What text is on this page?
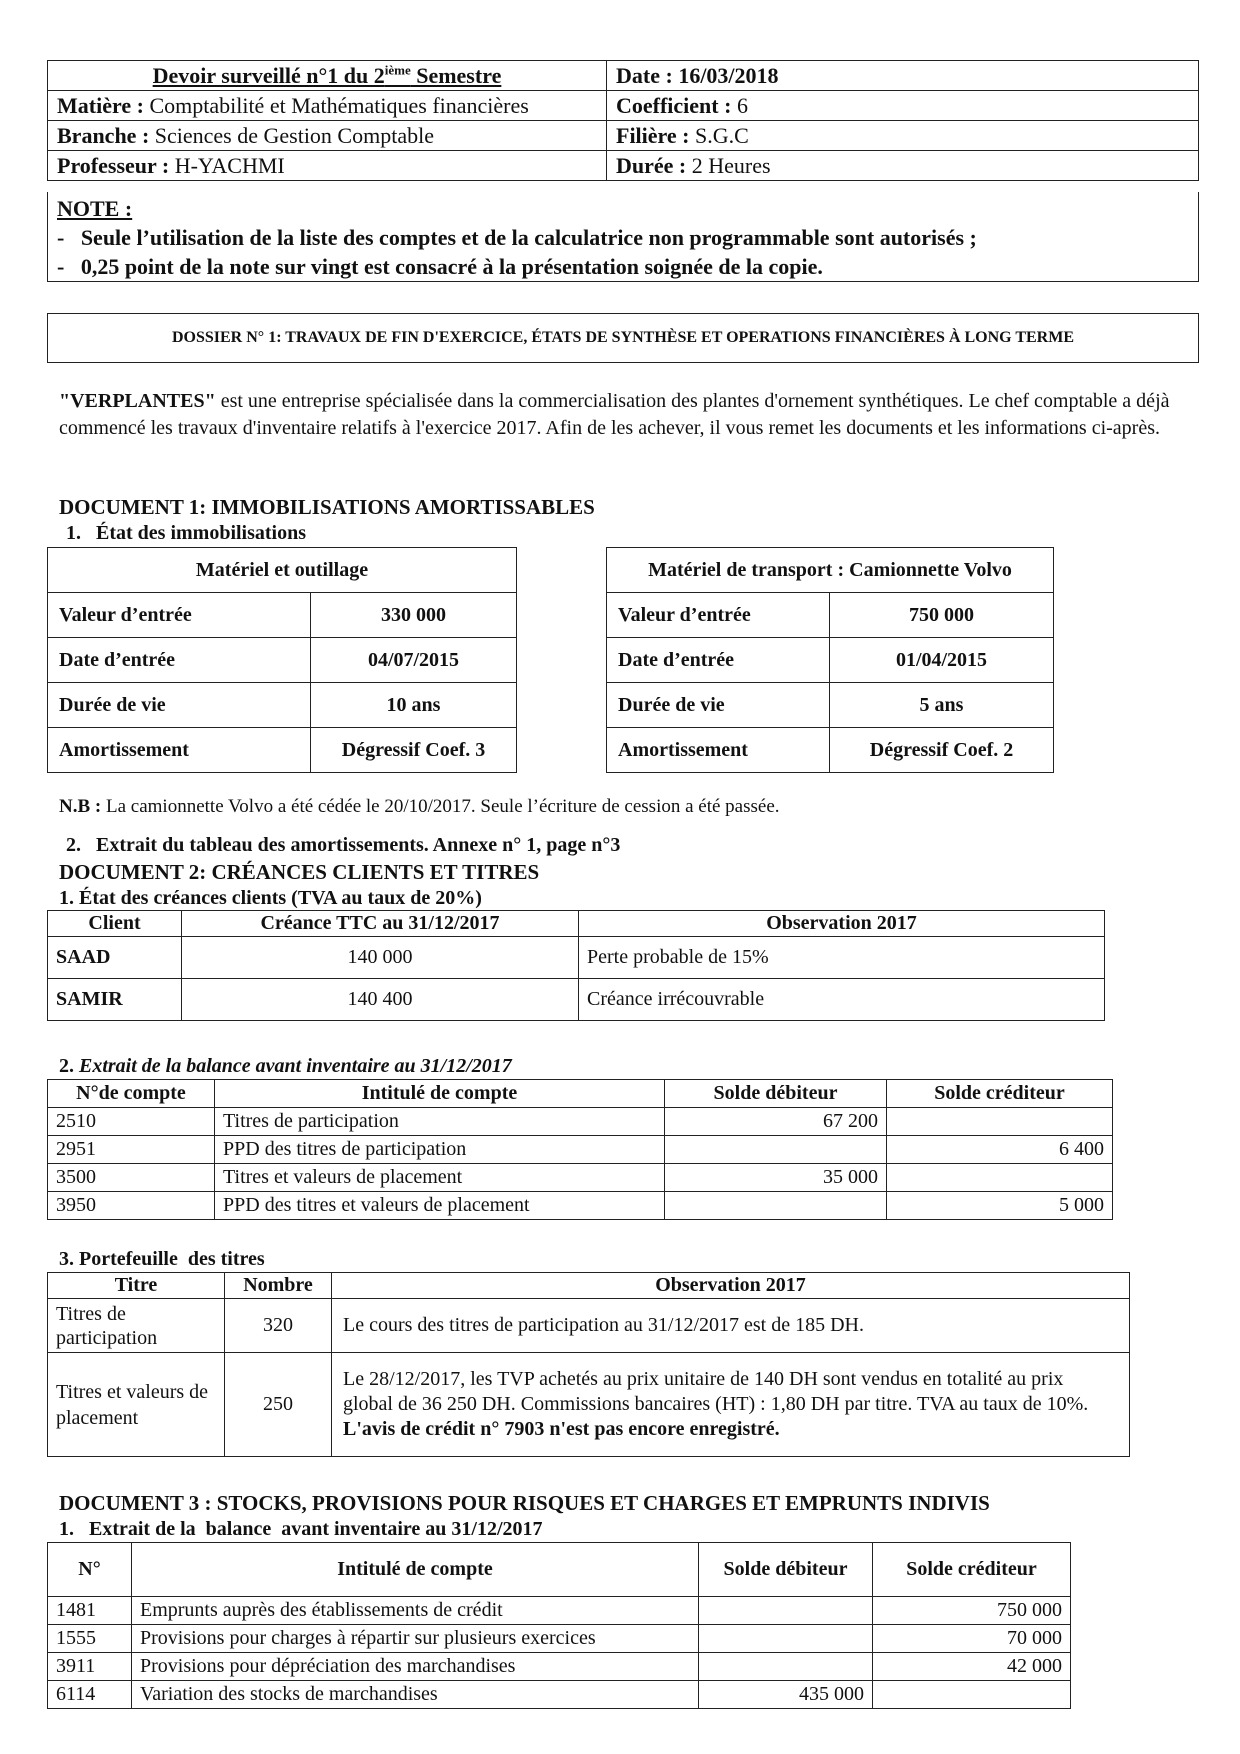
Devoir surveillé n°1 du 2ième Semestre	Date : 16/03/2018
Matière : Comptabilité et Mathématiques financières	Coefficient : 6
Branche : Sciences de Gestion Comptable	Filière : S.G.C
Professeur : H-YACHMI	Durée : 2 Heures
NOTE :
-   Seule l’utilisation de la liste des comptes et de la calculatrice non programmable sont autorisés ;
-   0,25 point de la note sur vingt est consacré à la présentation soignée de la copie.
DOSSIER N° 1: TRAVAUX DE FIN D'EXERCICE, ÉTATS DE SYNTHÈSE ET OPERATIONS FINANCIÈRES À LONG TERME
"VERPLANTES" est une entreprise spécialisée dans la commercialisation des plantes d'ornement synthétiques. Le chef comptable a déjà commencé les travaux d'inventaire relatifs à l'exercice 2017. Afin de les achever, il vous remet les documents et les informations ci-après.
DOCUMENT 1: IMMOBILISATIONS AMORTISSABLES
1.   État des immobilisations
Matériel et outillage	
Valeur d’entrée	330 000
Date d’entrée	04/07/2015
Durée de vie	10 ans
Amortissement	Dégressif Coef. 3
Matériel de transport : Camionnette Volvo	
Valeur d’entrée	750 000
Date d’entrée	01/04/2015
Durée de vie	5 ans
Amortissement	Dégressif Coef. 2
N.B : La camionnette Volvo a été cédée le 20/10/2017. Seule l’écriture de cession a été passée.
2.   Extrait du tableau des amortissements. Annexe n° 1, page n°3
DOCUMENT 2: CRÉANCES CLIENTS ET TITRES
1. État des créances clients (TVA au taux de 20%)
Client	Créance TTC au 31/12/2017	Observation 2017
SAAD	140 000	Perte probable de 15%
SAMIR	140 400	Créance irrécouvrable
2. Extrait de la balance avant inventaire au 31/12/2017
N°de compte	Intitulé de compte	Solde débiteur	Solde créditeur
2510	Titres de participation	67 200	
2951	PPD des titres de participation		6 400
3500	Titres et valeurs de placement	35 000	
3950	PPD des titres et valeurs de placement		5 000
3. Portefeuille  des titres
Titre	Nombre	Observation 2017
Titres de participation	320	Le cours des titres de participation au 31/12/2017 est de 185 DH.
Titres et valeurs de placement	250	Le 28/12/2017, les TVP achetés au prix unitaire de 140 DH sont vendus en totalité au prix global de 36 250 DH. Commissions bancaires (HT) : 1,80 DH par titre. TVA au taux de 10%.
L'avis de crédit n° 7903 n'est pas encore enregistré.
DOCUMENT 3 : STOCKS, PROVISIONS POUR RISQUES ET CHARGES ET EMPRUNTS INDIVIS
1.   Extrait de la  balance  avant inventaire au 31/12/2017
N°	Intitulé de compte	Solde débiteur	Solde créditeur
1481	Emprunts auprès des établissements de crédit		750 000
1555	Provisions pour charges à répartir sur plusieurs exercices		70 000
3911	Provisions pour dépréciation des marchandises		42 000
6114	Variation des stocks de marchandises	435 000	
